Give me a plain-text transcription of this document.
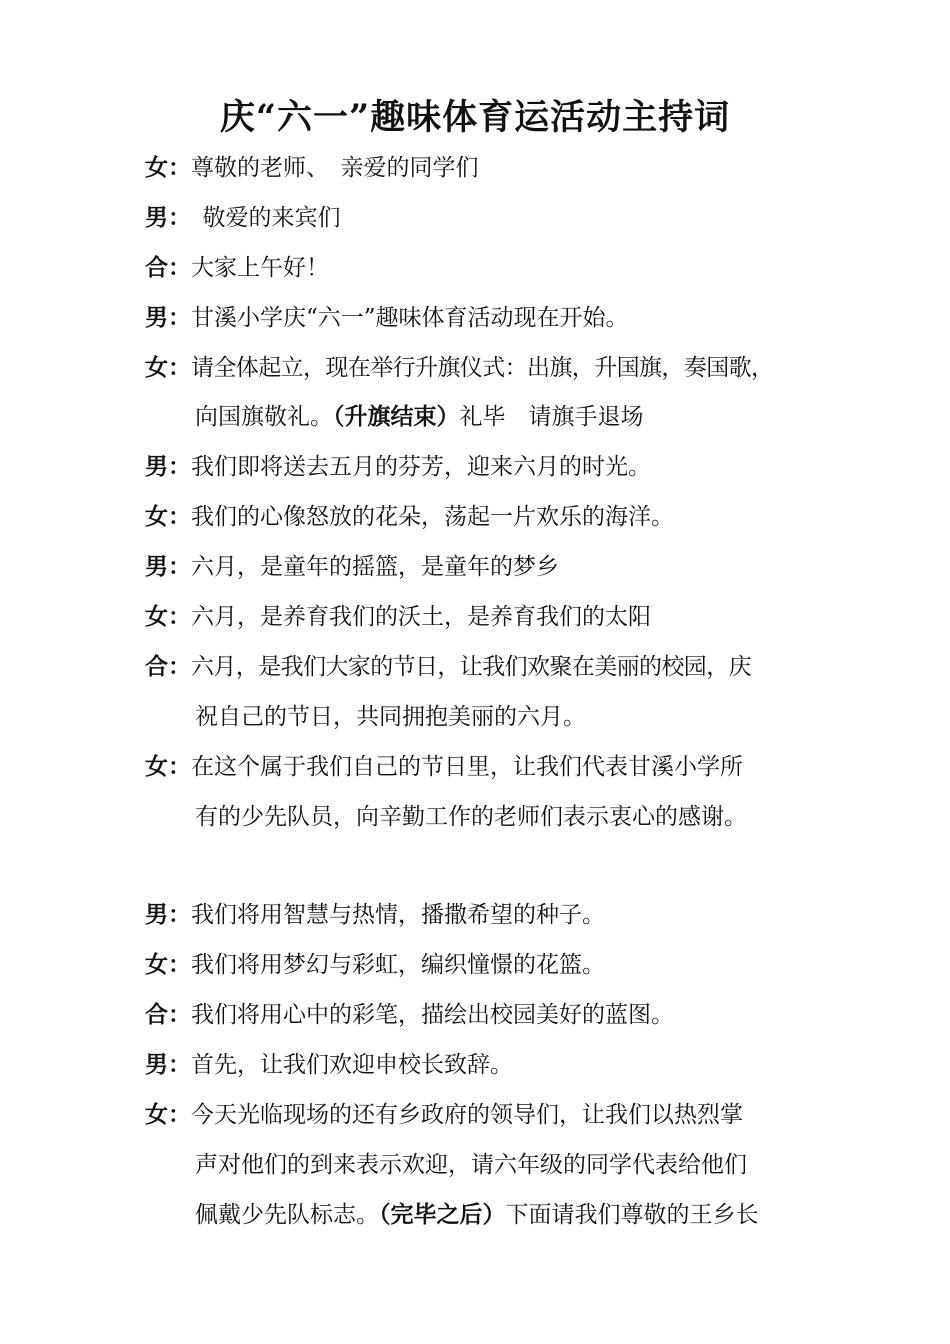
庆“六一”趣味体育运活动主持词
女：尊敬的老师、　亲爱的同学们
男：　敬爱的来宾们
合：大家上午好！
男：甘溪小学庆“六一”趣味体育活动现在开始。
女：请全体起立，现在举行升旗仪式：出旗，升国旗，奏国歌，
向国旗敬礼。（升旗结束）礼毕　请旗手退场
男：我们即将送去五月的芬芳，迎来六月的时光。
女：我们的心像怒放的花朵，荡起一片欢乐的海洋。
男：六月，是童年的摇篮，是童年的梦乡
女：六月，是养育我们的沃土，是养育我们的太阳
合：六月，是我们大家的节日，让我们欢聚在美丽的校园，庆
祝自己的节日，共同拥抱美丽的六月。
女：在这个属于我们自己的节日里，让我们代表甘溪小学所
有的少先队员，向辛勤工作的老师们表示衷心的感谢。
男：我们将用智慧与热情，播撒希望的种子。
女：我们将用梦幻与彩虹，编织憧憬的花篮。
合：我们将用心中的彩笔，描绘出校园美好的蓝图。
男：首先，让我们欢迎申校长致辞。
女：今天光临现场的还有乡政府的领导们，让我们以热烈掌
声对他们的到来表示欢迎，请六年级的同学代表给他们
佩戴少先队标志。（完毕之后）下面请我们尊敬的王乡长
